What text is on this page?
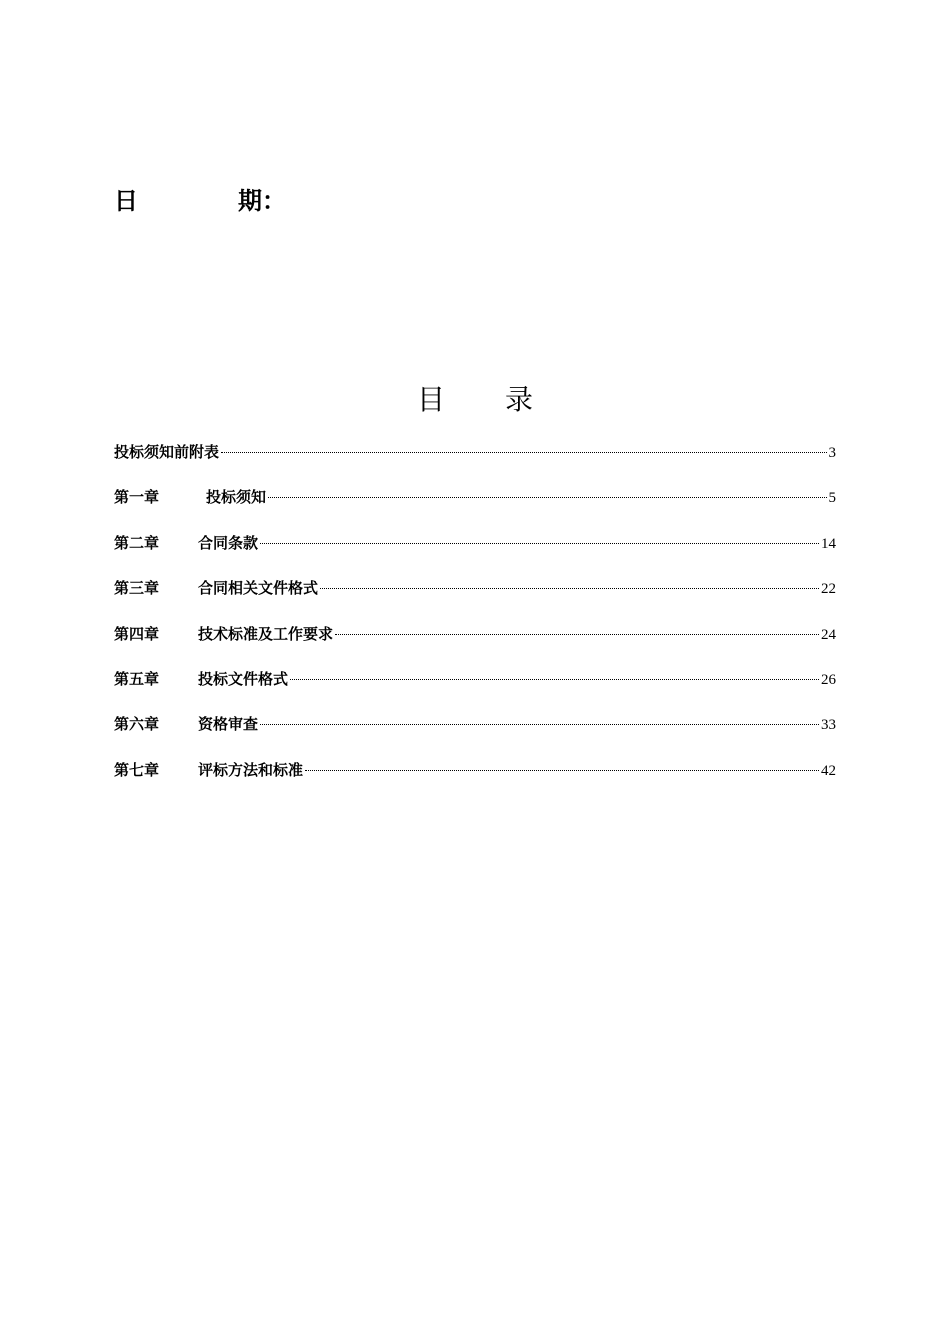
日	期：
目 录
投标须知前附表	3
第一章	投标须知	5
第二章	合同条款	14
第三章	合同相关文件格式	22
第四章	技术标准及工作要求	24
第五章	投标文件格式	26
第六章	资格审查	33
第七章	评标方法和标准	42
